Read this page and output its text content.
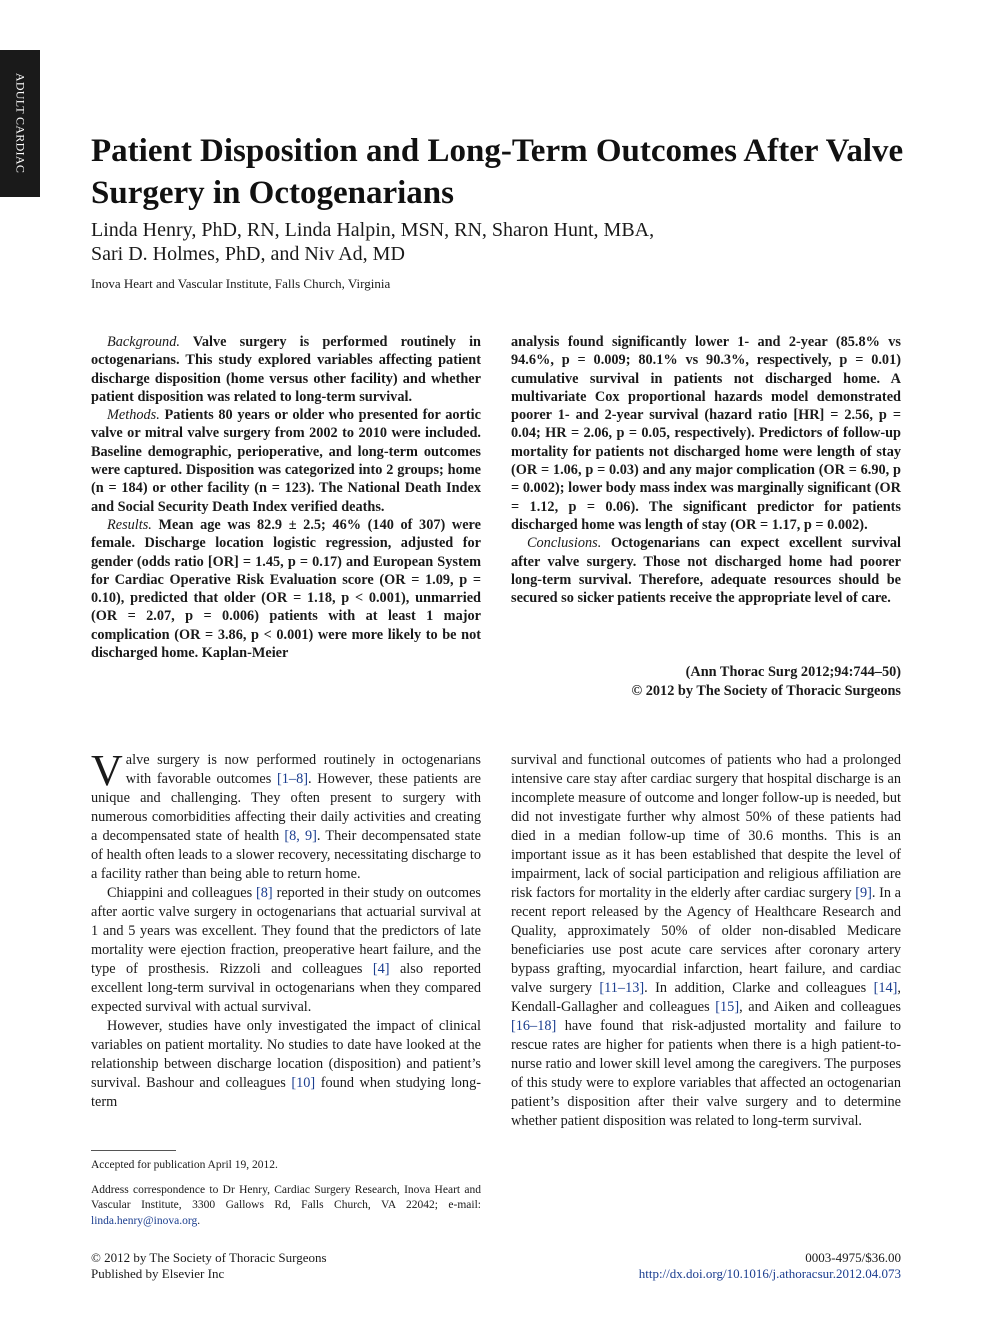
ADULT CARDIAC Patient Disposition and Long-Term Outcomes After Valve Surgery in Octogenarians
Linda Henry, PhD, RN, Linda Halpin, MSN, RN, Sharon Hunt, MBA,
Sari D. Holmes, PhD, and Niv Ad, MD
Inova Heart and Vascular Institute, Falls Church, Virginia

Background. Valve surgery is performed routinely in octogenarians. This study explored variables affecting patient discharge disposition (home versus other facility) and whether patient disposition was related to long-term survival.

Methods. Patients 80 years or older who presented for aortic valve or mitral valve surgery from 2002 to 2010 were included. Baseline demographic, perioperative, and long-term outcomes were captured. Disposition was categorized into 2 groups; home (n = 184) or other facility (n = 123). The National Death Index and Social Security Death Index verified deaths.

Results. Mean age was 82.9 ± 2.5; 46% (140 of 307) were female. Discharge location logistic regression, adjusted for gender (odds ratio [OR] = 1.45, p = 0.17) and European System for Cardiac Operative Risk Evaluation score (OR = 1.09, p = 0.10), predicted that older (OR = 1.18, p < 0.001), unmarried (OR = 2.07, p = 0.006) patients with at least 1 major complication (OR = 3.86, p < 0.001) were more likely to be not discharged home. Kaplan-Meier

analysis found significantly lower 1- and 2-year (85.8% vs 94.6%, p = 0.009; 80.1% vs 90.3%, respectively, p = 0.01) cumulative survival in patients not discharged home. A multivariate Cox proportional hazards model demonstrated poorer 1- and 2-year survival (hazard ratio [HR] = 2.56, p = 0.04; HR = 2.06, p = 0.05, respectively). Predictors of follow-up mortality for patients not discharged home were length of stay (OR = 1.06, p = 0.03) and any major complication (OR = 6.90, p = 0.002); lower body mass index was marginally significant (OR = 1.12, p = 0.06). The significant predictor for patients discharged home was length of stay (OR = 1.17, p = 0.002).

Conclusions. Octogenarians can expect excellent survival after valve surgery. Those not discharged home had poorer long-term survival. Therefore, adequate resources should be secured so sicker patients receive the appropriate level of care.

(Ann Thorac Surg 2012;94:744–50)
© 2012 by The Society of Thoracic Surgeons

Valve surgery is now performed routinely in octogenarians with favorable outcomes [1–8]. However, these patients are unique and challenging. They often present to surgery with numerous comorbidities affecting their daily activities and creating a decompensated state of health [8, 9]. Their decompensated state of health often leads to a slower recovery, necessitating discharge to a facility rather than being able to return home.

Chiappini and colleagues [8] reported in their study on outcomes after aortic valve surgery in octogenarians that actuarial survival at 1 and 5 years was excellent. They found that the predictors of late mortality were ejection fraction, preoperative heart failure, and the type of prosthesis. Rizzoli and colleagues [4] also reported excellent long-term survival in octogenarians when they compared expected survival with actual survival.

However, studies have only investigated the impact of clinical variables on patient mortality. No studies to date have looked at the relationship between discharge location (disposition) and patient’s survival. Bashour and colleagues [10] found when studying long-term

survival and functional outcomes of patients who had a prolonged intensive care stay after cardiac surgery that hospital discharge is an incomplete measure of outcome and longer follow-up is needed, but did not investigate further why almost 50% of these patients had died in a median follow-up time of 30.6 months. This is an important issue as it has been established that despite the level of impairment, lack of social participation and religious affiliation are risk factors for mortality in the elderly after cardiac surgery [9]. In a recent report released by the Agency of Healthcare Research and Quality, approximately 50% of older non-disabled Medicare beneficiaries use post acute care services after coronary artery bypass grafting, myocardial infarction, heart failure, and cardiac valve surgery [11–13]. In addition, Clarke and colleagues [14], Kendall-Gallagher and colleagues [15], and Aiken and colleagues [16–18] have found that risk-adjusted mortality and failure to rescue rates are higher for patients when there is a high patient-to-nurse ratio and lower skill level among the caregivers. The purposes of this study were to explore variables that affected an octogenarian patient’s disposition after their valve surgery and to determine whether patient disposition was related to long-term survival.

Accepted for publication April 19, 2012.
Address correspondence to Dr Henry, Cardiac Surgery Research, Inova Heart and Vascular Institute, 3300 Gallows Rd, Falls Church, VA 22042; e-mail: linda.henry@inova.org.
© 2012 by The Society of Thoracic Surgeons
Published by Elsevier Inc
0003-4975/$36.00
http://dx.doi.org/10.1016/j.athoracsur.2012.04.073
